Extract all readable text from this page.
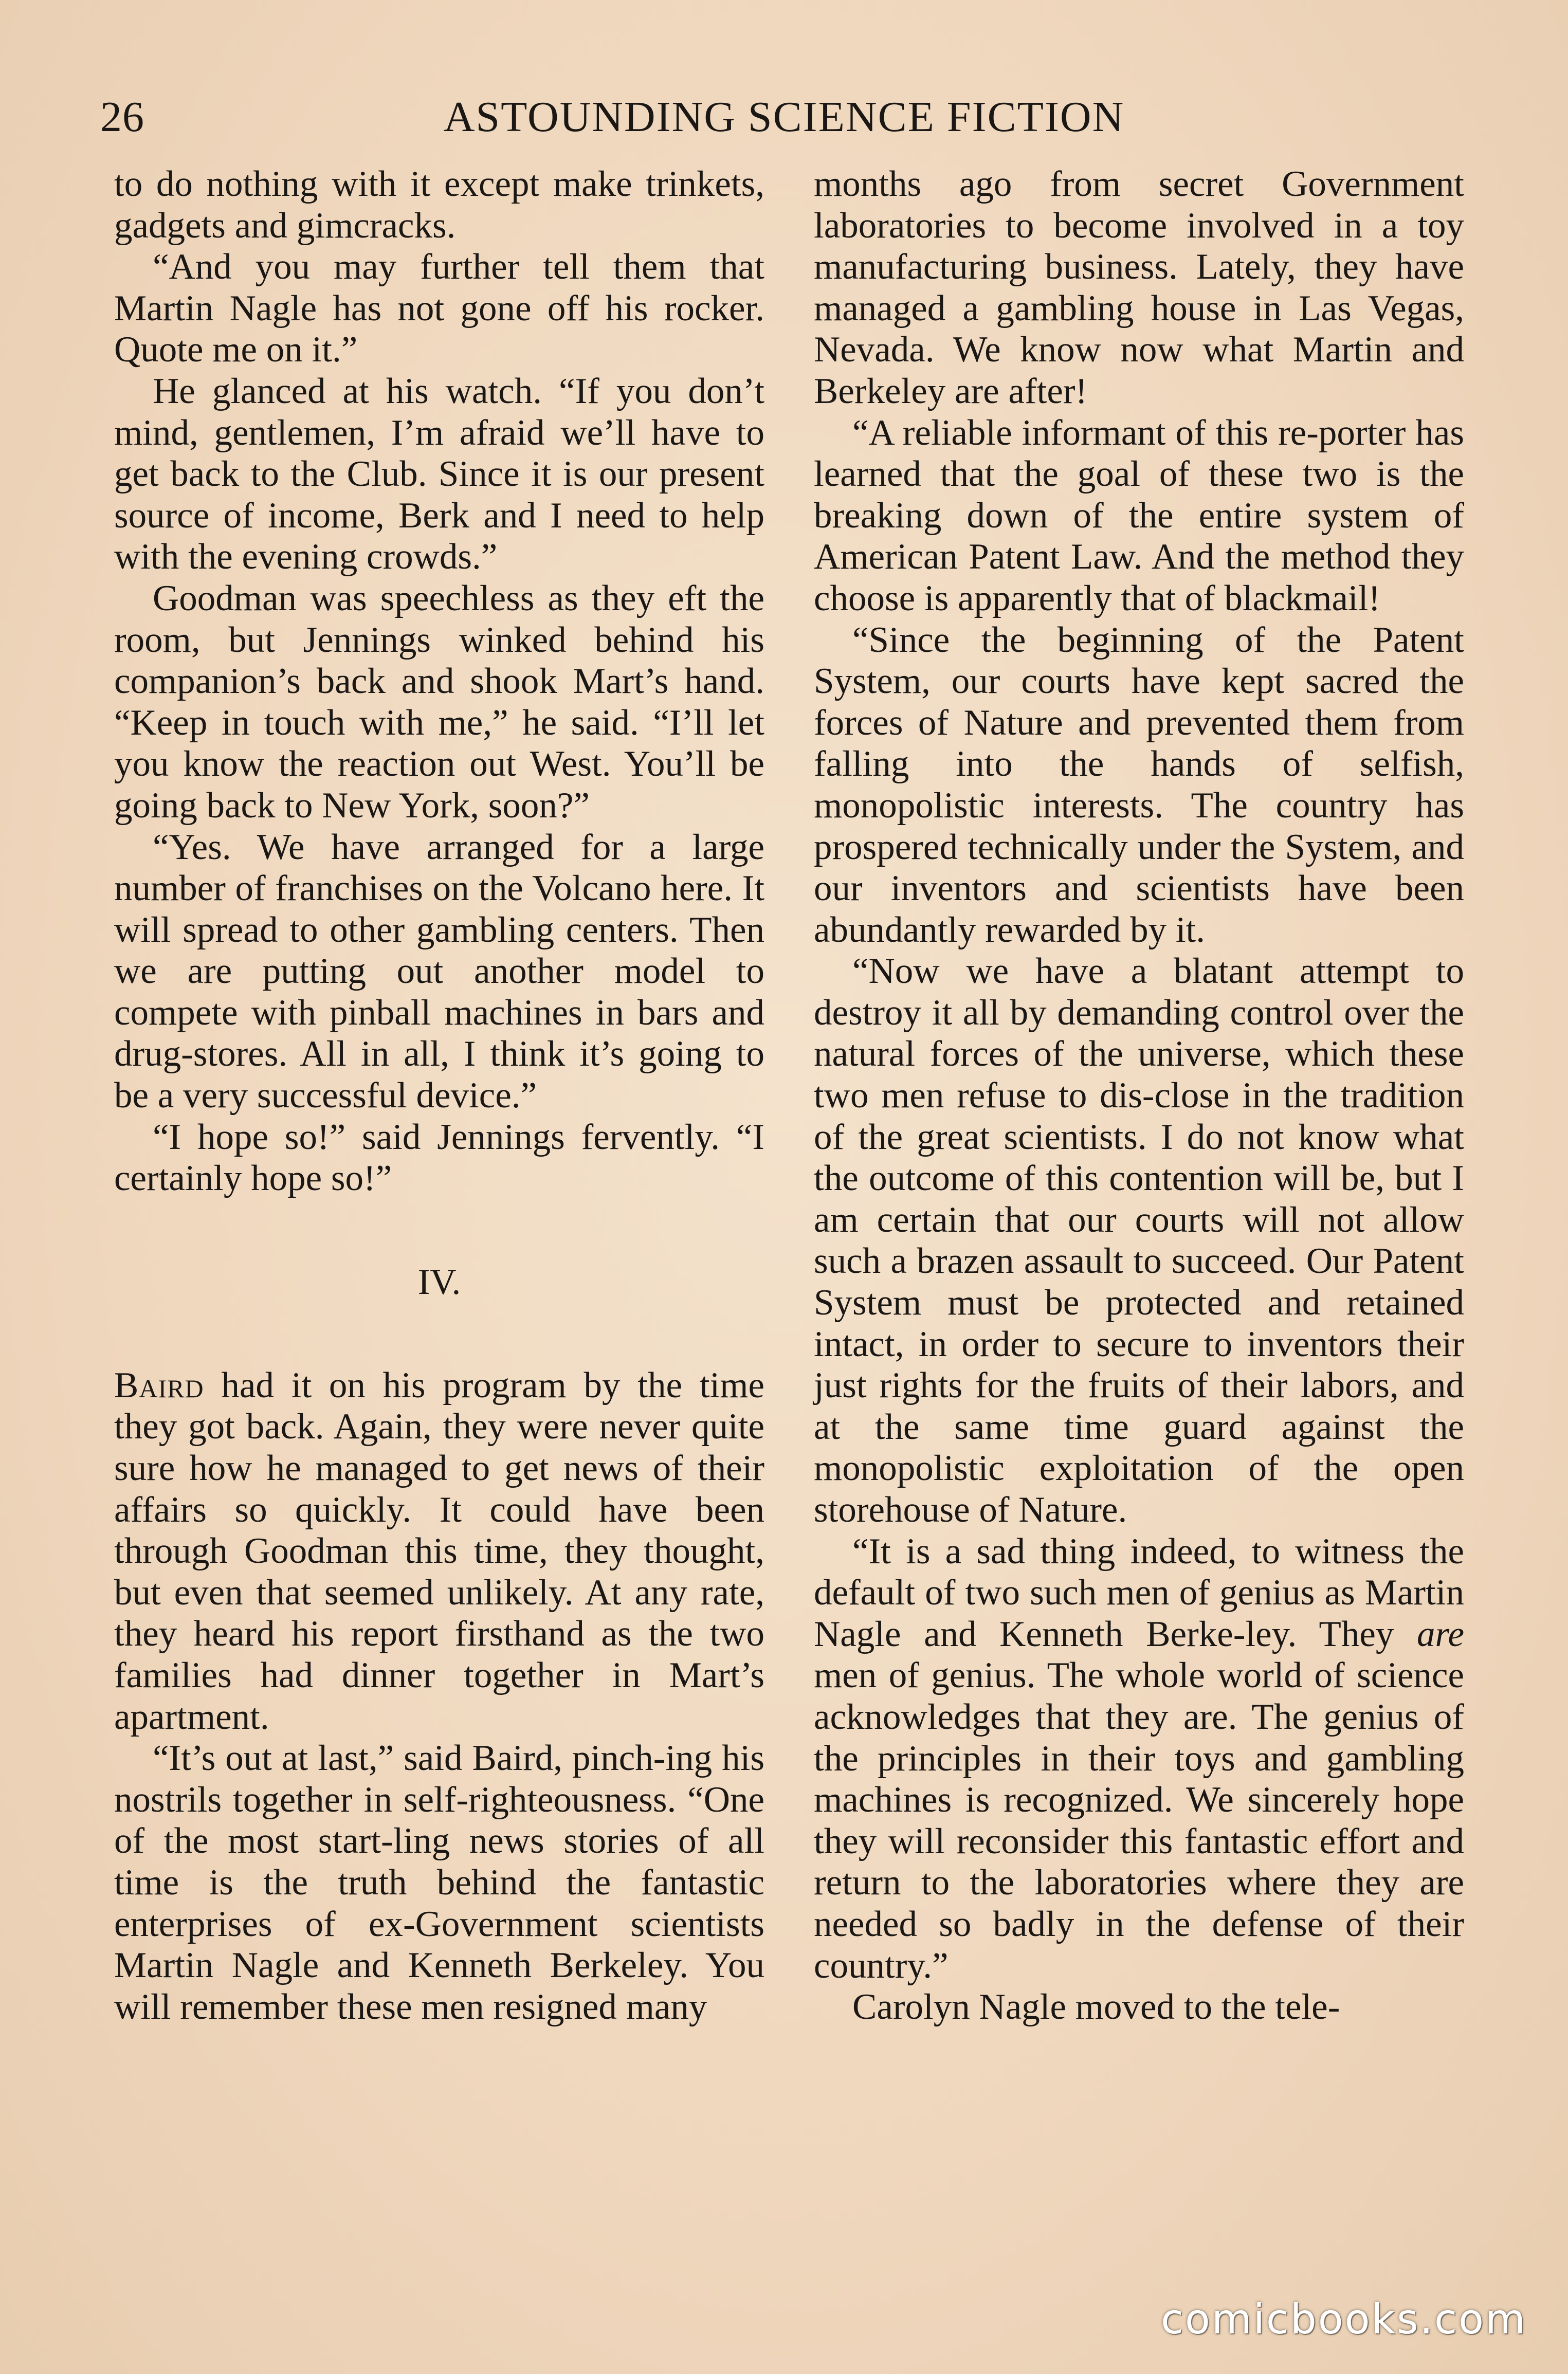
26	ASTOUNDING SCIENCE FICTION

to do nothing with it except make trinkets, gadgets and gimcracks.

“And you may further tell them that Martin Nagle has not gone off his rocker. Quote me on it.”

He glanced at his watch. “If you don’t mind, gentlemen, I’m afraid we’ll have to get back to the Club. Since it is our present source of income, Berk and I need to help with the evening crowds.”

Goodman was speechless as they eft the room, but Jennings winked behind his companion’s back and shook Mart’s hand. “Keep in touch with me,” he said. “I’ll let you know the reaction out West. You’ll be going back to New York, soon?”

“Yes. We have arranged for a large number of franchises on the Volcano here. It will spread to other gambling centers. Then we are putting out another model to compete with pinball machines in bars and drug-stores. All in all, I think it’s going to be a very successful device.”

“I hope so!” said Jennings fervently. “I certainly hope so!”

IV.

Baird had it on his program by the time they got back. Again, they were never quite sure how he managed to get news of their affairs so quickly. It could have been through Goodman this time, they thought, but even that seemed unlikely. At any rate, they heard his report firsthand as the two families had dinner together in Mart’s apartment.

“It’s out at last,” said Baird, pinch-ing his nostrils together in self-righteousness. “One of the most start-ling news stories of all time is the truth behind the fantastic enterprises of ex-Government scientists Martin Nagle and Kenneth Berkeley. You will remember these men resigned many

months ago from secret Government laboratories to become involved in a toy manufacturing business. Lately, they have managed a gambling house in Las Vegas, Nevada. We know now what Martin and Berkeley are after!

“A reliable informant of this re-porter has learned that the goal of these two is the breaking down of the entire system of American Patent Law. And the method they choose is apparently that of blackmail!

“Since the beginning of the Patent System, our courts have kept sacred the forces of Nature and prevented them from falling into the hands of selfish, monopolistic interests. The country has prospered technically under the System, and our inventors and scientists have been abundantly rewarded by it.

“Now we have a blatant attempt to destroy it all by demanding control over the natural forces of the universe, which these two men refuse to dis-close in the tradition of the great scientists. I do not know what the outcome of this contention will be, but I am certain that our courts will not allow such a brazen assault to succeed. Our Patent System must be protected and retained intact, in order to secure to inventors their just rights for the fruits of their labors, and at the same time guard against the monopolistic exploitation of the open storehouse of Nature.

“It is a sad thing indeed, to witness the default of two such men of genius as Martin Nagle and Kenneth Berke-ley. They are men of genius. The whole world of science acknowledges that they are. The genius of the principles in their toys and gambling machines is recognized. We sincerely hope they will reconsider this fantastic effort and return to the laboratories where they are needed so badly in the defense of their country.”

Carolyn Nagle moved to the tele-

comicbooks.com
